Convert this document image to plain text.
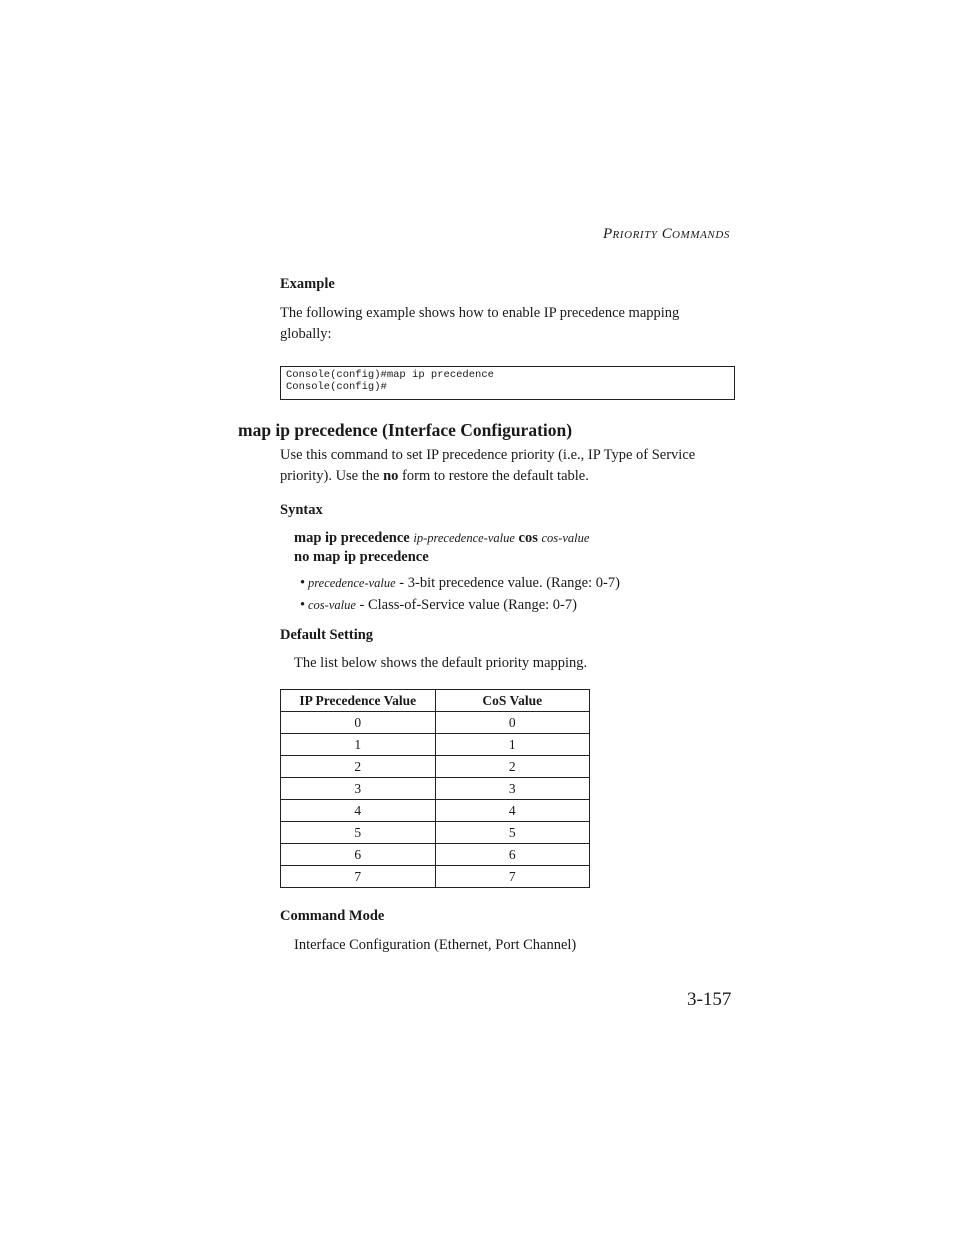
PRIORITY COMMANDS
Example
The following example shows how to enable IP precedence mapping
globally:
Console(config)#map ip precedence
Console(config)#
map ip precedence (Interface Configuration)
Use this command to set IP precedence priority (i.e., IP Type of Service
priority). Use the no form to restore the default table.
Syntax
map ip precedence ip-precedence-value cos cos-value
no map ip precedence
• precedence-value - 3-bit precedence value. (Range: 0-7)
• cos-value - Class-of-Service value (Range: 0-7)
Default Setting
The list below shows the default priority mapping.
IP Precedence Value	CoS Value
0	0
1	1
2	2
3	3
4	4
5	5
6	6
7	7
Command Mode
Interface Configuration (Ethernet, Port Channel)
3-157
